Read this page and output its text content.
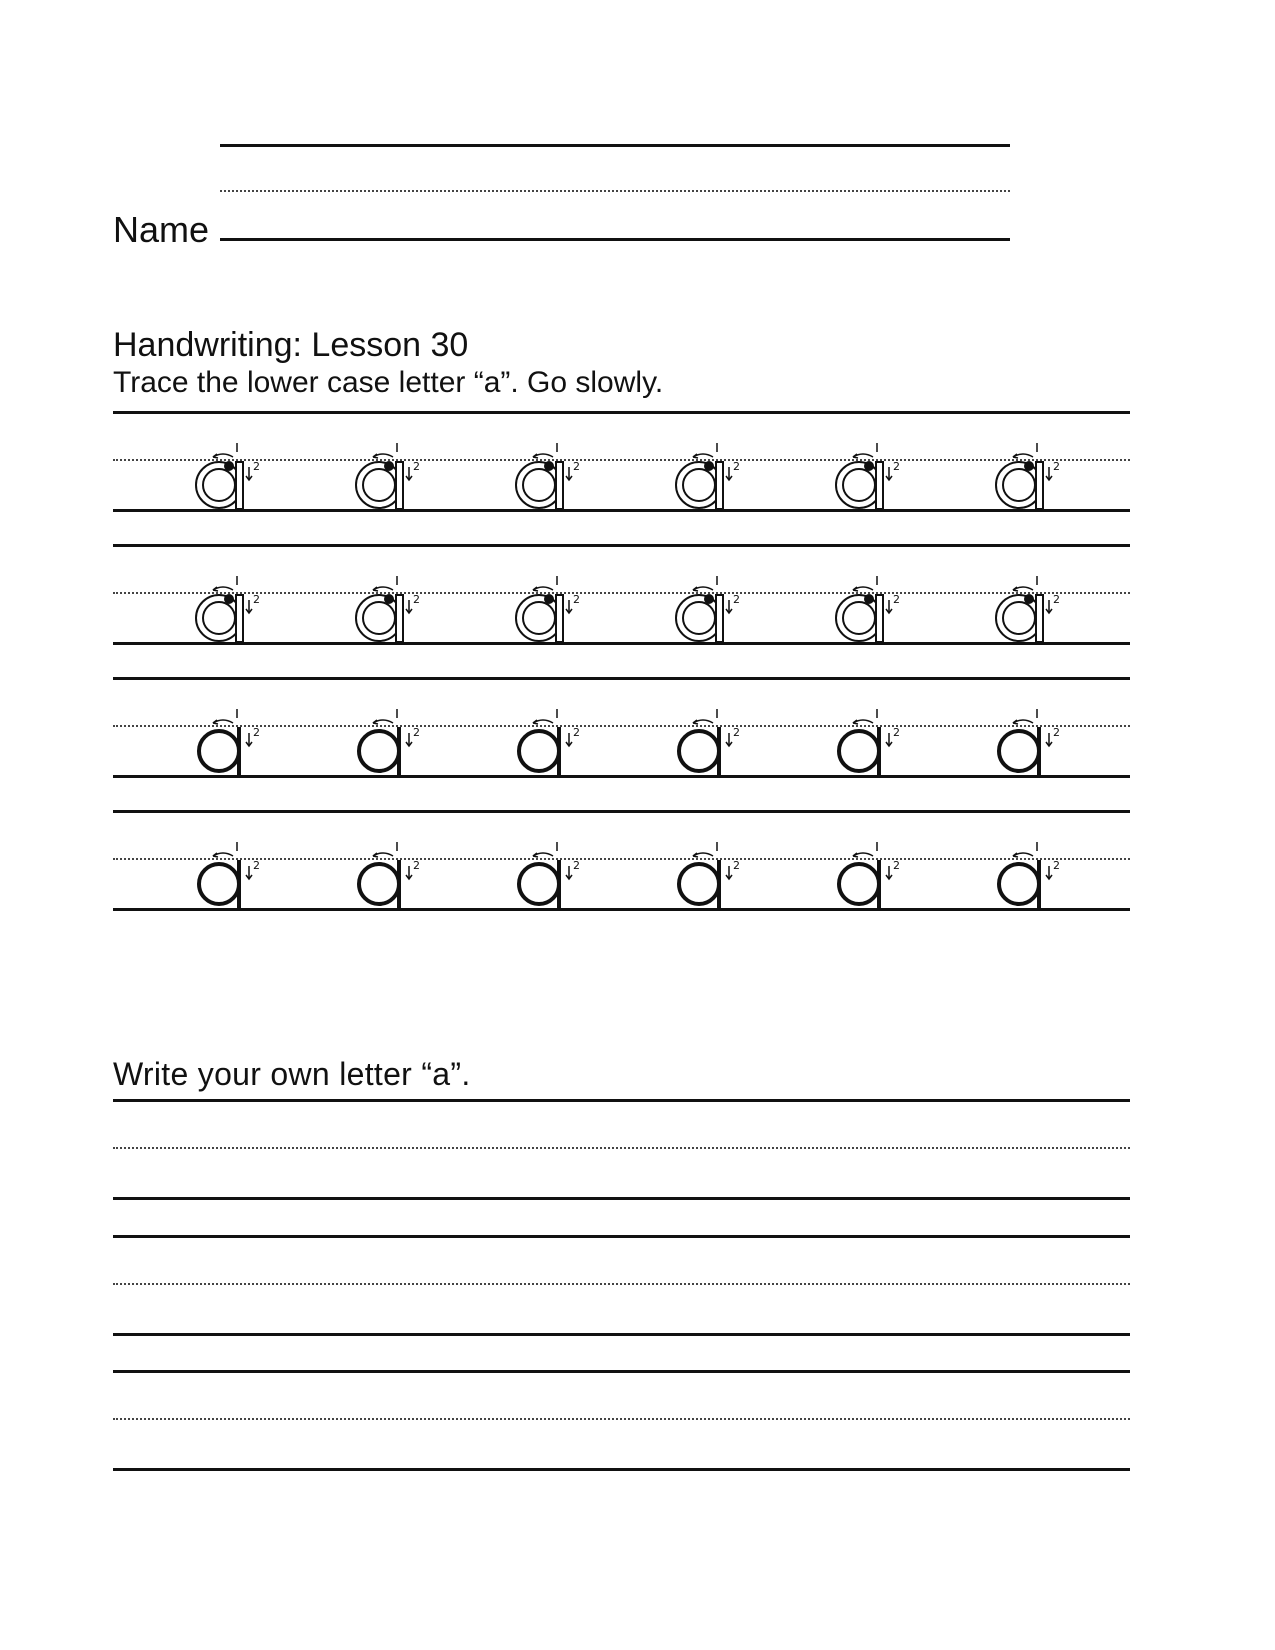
Name
Handwriting: Lesson 30
Trace the lower case letter “a”. Go slowly.
2	2	2	2	2	2
2	2	2	2	2	2
2	2	2	2	2	2
2	2	2	2	2	2
Write your own letter “a”.
